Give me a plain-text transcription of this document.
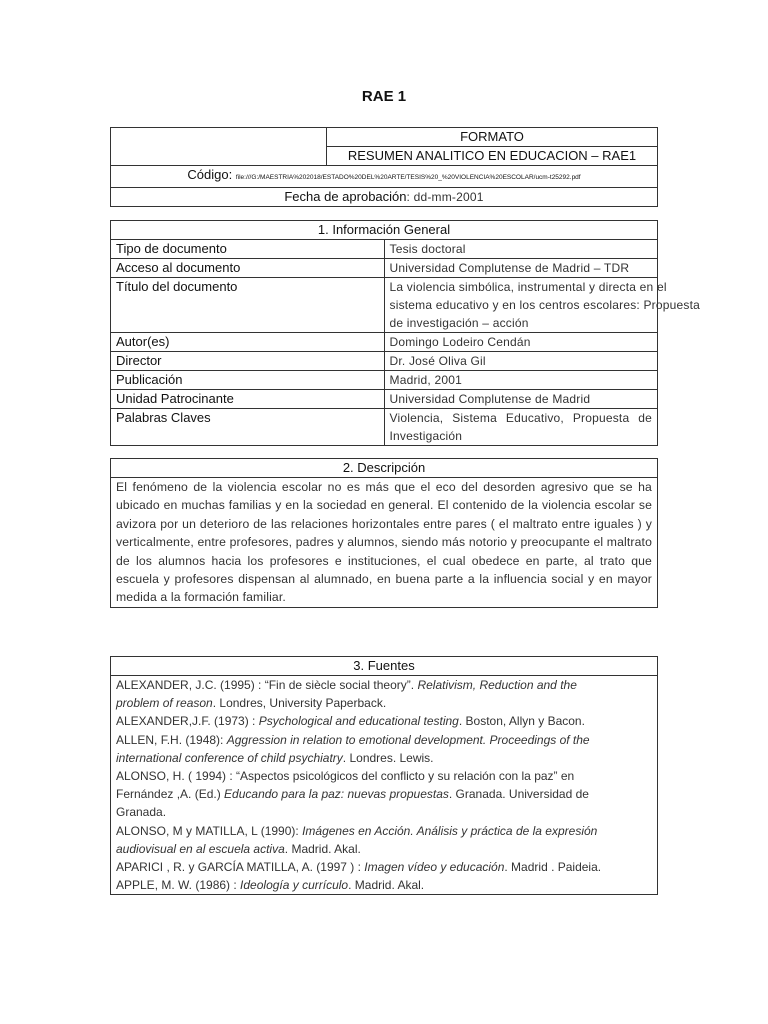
RAE 1
	FORMATO
RESUMEN ANALITICO EN EDUCACION – RAE1
Código: file:///G:/MAESTRIA%202018/ESTADO%20DEL%20ARTE/TESIS%20_%20VIOLENCIA%20ESCOLAR/ucm-t25292.pdf
Fecha de aprobación: dd-mm-2001
1. Información General	
Tipo de documento	Tesis doctoral
Acceso al documento	Universidad Complutense de Madrid – TDR
Título del documento	La violencia simbólica, instrumental y directa en el
sistema educativo y en los centros escolares: Propuesta
de investigación – acción

Autor(es)	Domingo Lodeiro Cendán
Director	Dr. José Oliva Gil
Publicación	Madrid, 2001
Unidad Patrocinante	Universidad Complutense de Madrid
Palabras Claves	Violencia, Sistema Educativo, Propuesta de
Investigación
2. Descripción
El fenómeno de la violencia escolar no es más que el eco del desorden agresivo que se ha ubicado en muchas familias y en la sociedad en general. El contenido de la violencia escolar se avizora por un deterioro de las relaciones horizontales entre pares ( el maltrato entre iguales ) y verticalmente, entre profesores, padres y alumnos, siendo más notorio y preocupante el maltrato de los alumnos hacia los profesores e instituciones, el cual obedece en parte, al trato que escuela y profesores dispensan al alumnado, en buena parte a la influencia social y en mayor medida a la formación familiar.
3. Fuentes

ALEXANDER, J.C. (1995) : “Fin de siècle social theory”. Relativism, Reduction and the problem of reason. Londres, University Paperback.
ALEXANDER,J.F. (1973) : Psychological and educational testing. Boston, Allyn y Bacon.
ALLEN, F.H. (1948): Aggression in relation to emotional development. Proceedings of the international conference of child psychiatry. Londres. Lewis.
ALONSO, H. ( 1994) : “Aspectos psicológicos del conflicto y su relación con la paz” en Fernández ,A. (Ed.) Educando para la paz: nuevas propuestas. Granada. Universidad de Granada.
ALONSO, M y MATILLA, L (1990): Imágenes en Acción. Análisis y práctica de la expresión audiovisual en al escuela activa. Madrid. Akal.
APARICI , R. y GARCÍA MATILLA, A. (1997 ) : Imagen vídeo y educación. Madrid . Paideia.
APPLE, M. W. (1986) : Ideología y currículo. Madrid. Akal.
